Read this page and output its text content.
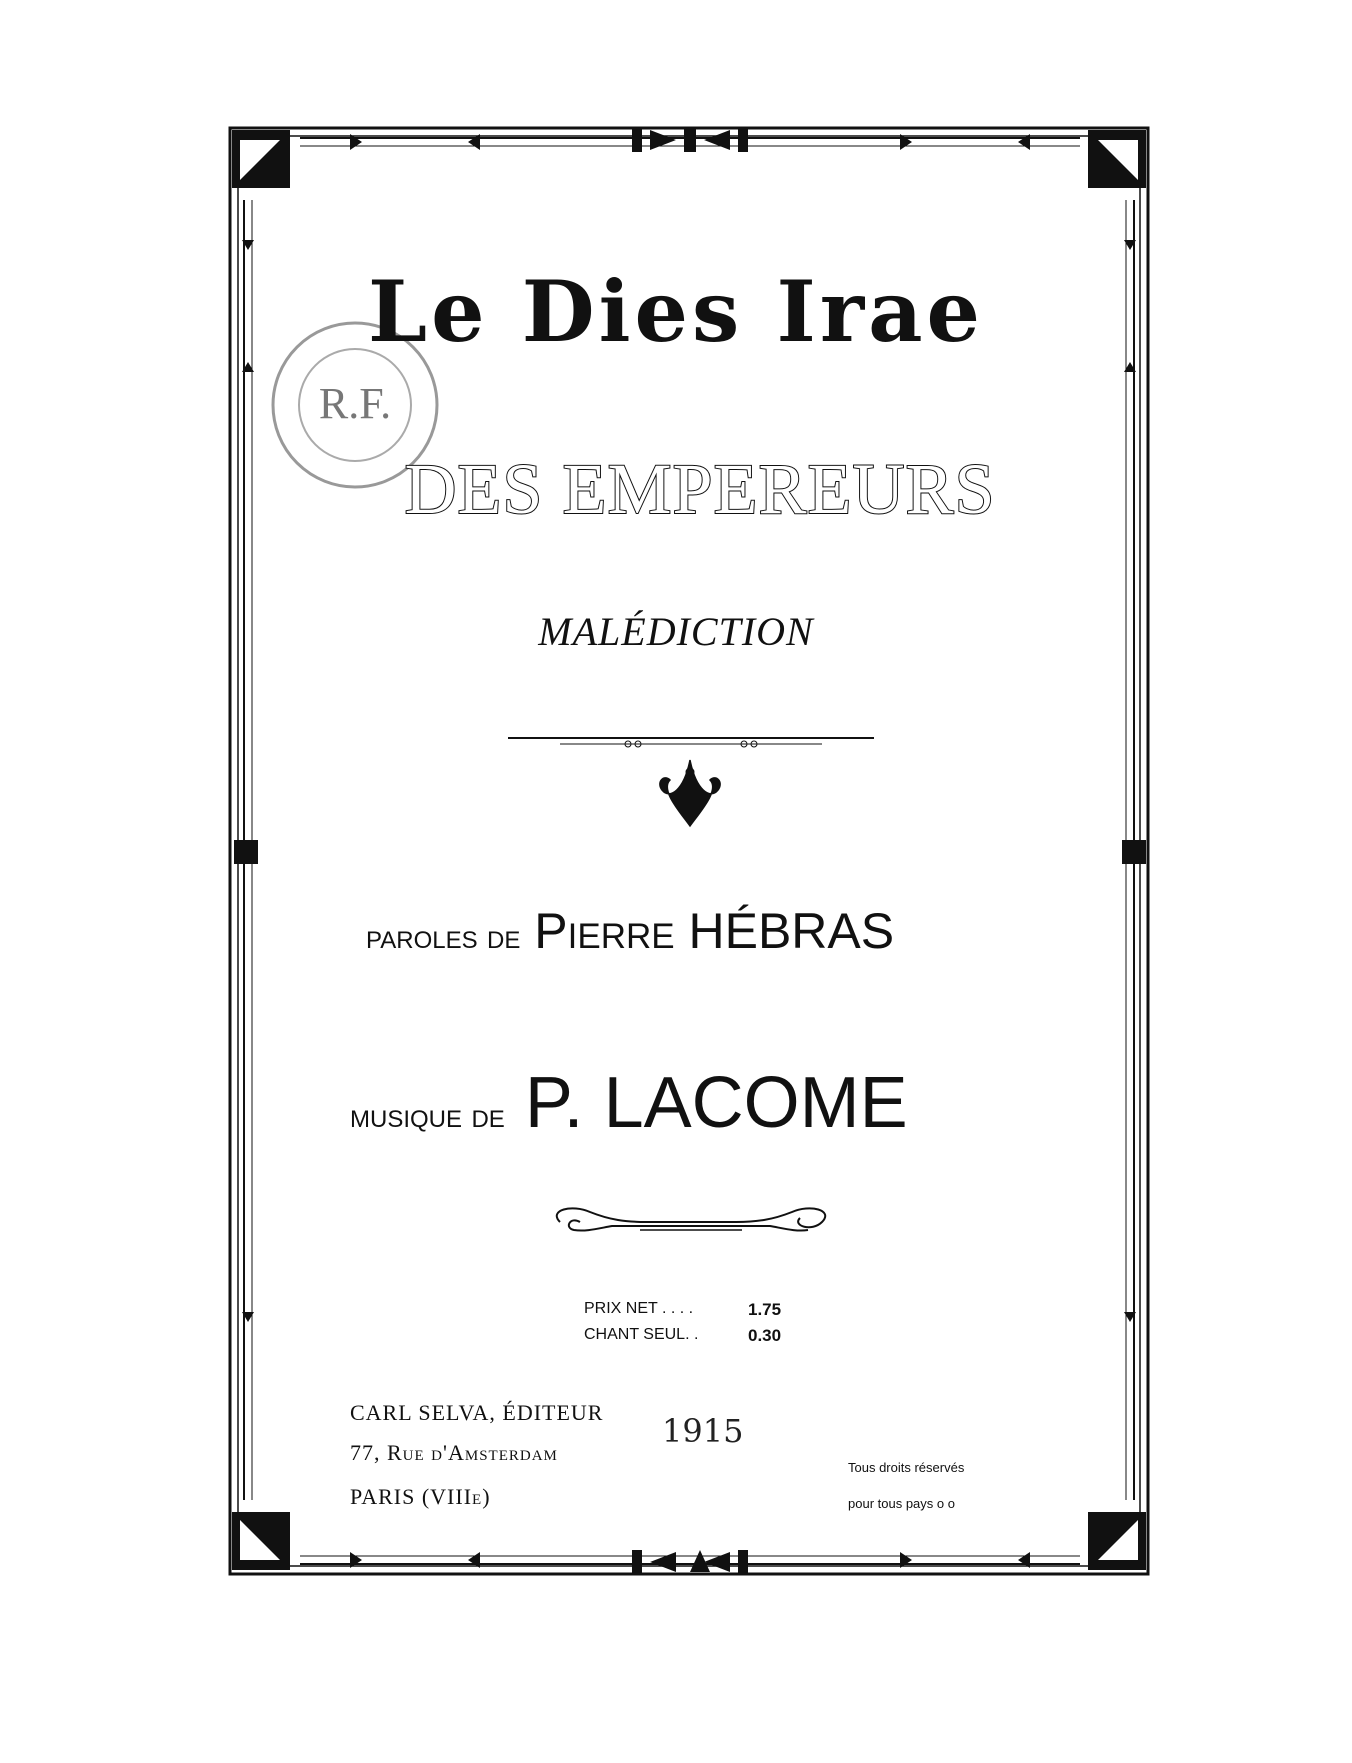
R.F.
Le Dies Irae
DES EMPEREURS
MALÉDICTION
paroles de Pierre HÉBRAS
musique de P. LACOME
PRIX NET . . . .	1.75
CHANT SEUL. .	0.30
CARL SELVA, ÉDITEUR
77, Rue d'Amsterdam
PARIS (VIIIe)
1915
Tous droits réservés
pour tous pays o o
